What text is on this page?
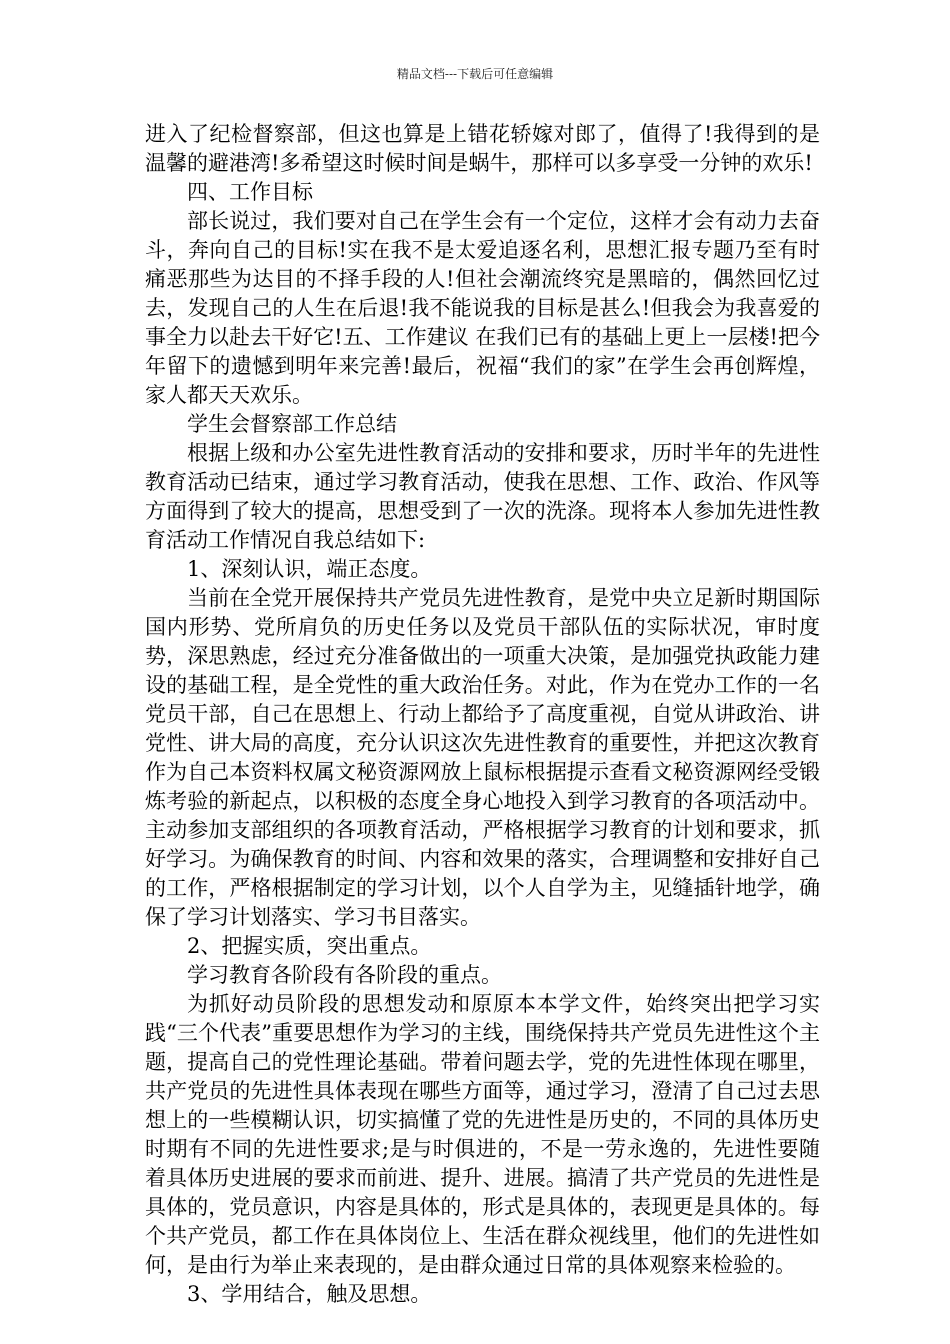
精品文档---下载后可任意编辑

进入了纪检督察部，但这也算是上错花轿嫁对郎了，值得了!我得到的是温馨的避港湾!多希望这时候时间是蜗牛，那样可以多享受一分钟的欢乐!

四、工作目标

部长说过，我们要对自己在学生会有一个定位，这样才会有动力去奋斗，奔向自己的目标!实在我不是太爱追逐名利，思想汇报专题乃至有时痛恶那些为达目的不择手段的人!但社会潮流终究是黑暗的，偶然回忆过去，发现自己的人生在后退!我不能说我的目标是甚么!但我会为我喜爱的事全力以赴去干好它!五、工作建议 在我们已有的基础上更上一层楼!把今年留下的遗憾到明年来完善!最后，祝福“我们的家”在学生会再创辉煌，家人都天天欢乐。

学生会督察部工作总结

根据上级和办公室先进性教育活动的安排和要求，历时半年的先进性教育活动已结束，通过学习教育活动，使我在思想、工作、政治、作风等方面得到了较大的提高，思想受到了一次的洗涤。现将本人参加先进性教育活动工作情况自我总结如下:

1、深刻认识，端正态度。

当前在全党开展保持共产党员先进性教育，是党中央立足新时期国际国内形势、党所肩负的历史任务以及党员干部队伍的实际状况，审时度势，深思熟虑，经过充分准备做出的一项重大决策，是加强党执政能力建设的基础工程，是全党性的重大政治任务。对此，作为在党办工作的一名党员干部，自己在思想上、行动上都给予了高度重视，自觉从讲政治、讲党性、讲大局的高度，充分认识这次先进性教育的重要性，并把这次教育作为自己本资料权属文秘资源网放上鼠标根据提示查看文秘资源网经受锻炼考验的新起点，以积极的态度全身心地投入到学习教育的各项活动中。主动参加支部组织的各项教育活动，严格根据学习教育的计划和要求，抓好学习。为确保教育的时间、内容和效果的落实，合理调整和安排好自己的工作，严格根据制定的学习计划，以个人自学为主，见缝插针地学，确保了学习计划落实、学习书目落实。

2、把握实质，突出重点。

学习教育各阶段有各阶段的重点。

为抓好动员阶段的思想发动和原原本本学文件，始终突出把学习实践“三个代表”重要思想作为学习的主线，围绕保持共产党员先进性这个主题，提高自己的党性理论基础。带着问题去学，党的先进性体现在哪里，共产党员的先进性具体表现在哪些方面等，通过学习，澄清了自己过去思想上的一些模糊认识，切实搞懂了党的先进性是历史的，不同的具体历史时期有不同的先进性要求;是与时俱进的，不是一劳永逸的，先进性要随着具体历史进展的要求而前进、提升、进展。搞清了共产党员的先进性是具体的，党员意识，内容是具体的，形式是具体的，表现更是具体的。每个共产党员，都工作在具体岗位上、生活在群众视线里，他们的先进性如何，是由行为举止来表现的，是由群众通过日常的具体观察来检验的。

3、学用结合，触及思想。
